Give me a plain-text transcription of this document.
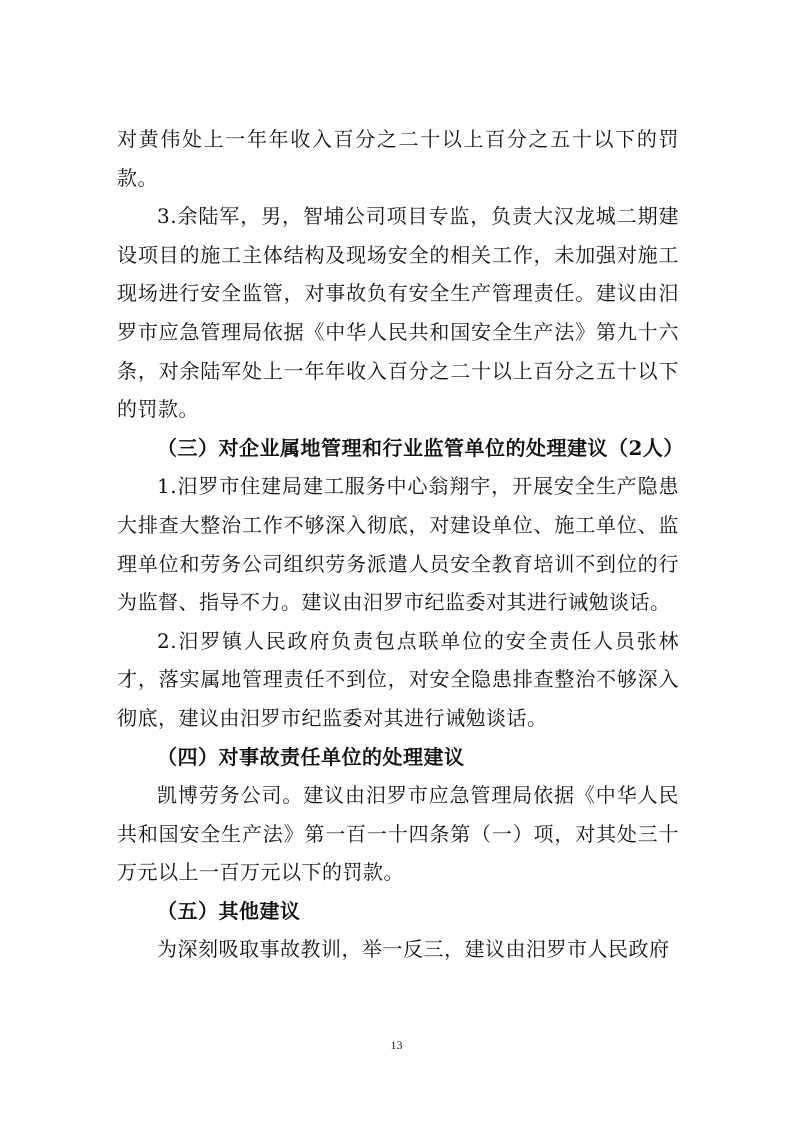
对黄伟处上一年年收入百分之二十以上百分之五十以下的罚款。

3.余陆军，男，智埔公司项目专监，负责大汉龙城二期建设项目的施工主体结构及现场安全的相关工作，未加强对施工现场进行安全监管，对事故负有安全生产管理责任。建议由汨罗市应急管理局依据《中华人民共和国安全生产法》第九十六条，对余陆军处上一年年收入百分之二十以上百分之五十以下的罚款。

（三）对企业属地管理和行业监管单位的处理建议（2人）

1.汨罗市住建局建工服务中心翁翔宇，开展安全生产隐患大排查大整治工作不够深入彻底，对建设单位、施工单位、监理单位和劳务公司组织劳务派遣人员安全教育培训不到位的行为监督、指导不力。建议由汨罗市纪监委对其进行诫勉谈话。

2.汨罗镇人民政府负责包点联单位的安全责任人员张林才，落实属地管理责任不到位，对安全隐患排查整治不够深入彻底，建议由汨罗市纪监委对其进行诫勉谈话。

（四）对事故责任单位的处理建议

凯博劳务公司。建议由汨罗市应急管理局依据《中华人民共和国安全生产法》第一百一十四条第（一）项，对其处三十万元以上一百万元以下的罚款。

（五）其他建议

为深刻吸取事故教训，举一反三，建议由汨罗市人民政府

13
